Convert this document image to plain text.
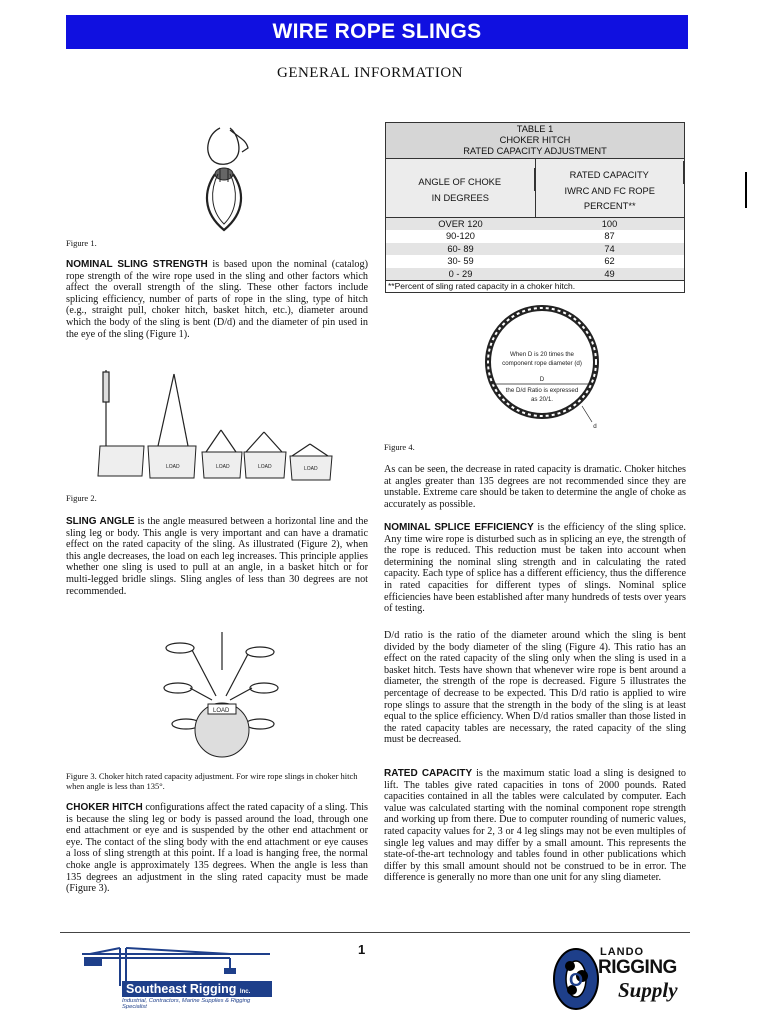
WIRE ROPE SLINGS
GENERAL INFORMATION
Figure 1.
NOMINAL SLING STRENGTH is based upon the nominal (catalog) rope strength of the wire rope used in the sling and other factors which affect the overall strength of the sling. These other factors include splicing efficiency, number of parts of rope in the sling, type of hitch (e.g., straight pull, choker hitch, basket hitch, etc.), diameter around which the body of the sling is bent (D/d) and the diameter of pin used in the eye of the sling (Figure 1).
LOAD	LOAD	LOAD	LOAD
Figure 2.
SLING ANGLE is the angle measured between a horizontal line and the sling leg or body. This angle is very important and can have a dramatic effect on the rated capacity of the sling. As illustrated (Figure 2), when this angle decreases, the load on each leg increases. This principle applies whether one sling is used to pull at an angle, in a basket hitch or for multi-legged bridle slings. Sling angles of less than 30 degrees are not recommended.
LOAD
Figure 3. Choker hitch rated capacity adjustment. For wire rope slings in choker hitch when angle is less than 135°.
CHOKER HITCH configurations affect the rated capacity of a sling. This is because the sling leg or body is passed around the load, through one end attachment or eye and is suspended by the other end attachment or eye. The contact of the sling body with the end attachment or eye causes a loss of sling strength at this point. If a load is hanging free, the normal choke angle is approximately 135 degrees. When the angle is less than 135 degrees an adjustment in the sling rated capacity must be made (Figure 3).
TABLE 1
CHOKER HITCH
RATED CAPACITY ADJUSTMENT
ANGLE OF CHOKE
IN DEGREES
RATED CAPACITY
IWRC AND FC ROPE
PERCENT**
OVER 120	100
90-120	87
60- 89	74
30- 59	62
0 - 29	49
**Percent of sling rated capacity in a choker hitch.
When D is 20 times the
component rope diameter (d)
D
the D/d Ratio is expressed
as 20/1.
d
Figure 4.
As can be seen, the decrease in rated capacity is dramatic. Choker hitches at angles greater than 135 degrees are not recommended since they are unstable. Extreme care should be taken to determine the angle of choke as accurately as possible.
NOMINAL SPLICE EFFICIENCY is the efficiency of the sling splice. Any time wire rope is disturbed such as in splicing an eye, the strength of the rope is reduced. This reduction must be taken into account when determining the nominal sling strength and in calculating the rated capacity. Each type of splice has a different efficiency, thus the difference in rated capacities for different types of slings. Nominal splice efficiencies have been established after many hundreds of tests over years of testing.
D/d ratio is the ratio of the diameter around which the sling is bent divided by the body diameter of the sling (Figure 4). This ratio has an effect on the rated capacity of the sling only when the sling is used in a basket hitch. Tests have shown that whenever wire rope is bent around a diameter, the strength of the rope is decreased. Figure 5 illustrates the percentage of decrease to be expected. This D/d ratio is applied to wire rope slings to assure that the strength in the body of the sling is at least equal to the splice efficiency. When D/d ratios smaller than those listed in the rated capacity tables are necessary, the rated capacity of the sling must be decreased.
RATED CAPACITY is the maximum static load a sling is designed to lift. The tables give rated capacities in tons of 2000 pounds. Rated capacities contained in all the tables were calculated by computer. Each value was calculated starting with the nominal component rope strength and working up from there. Due to computer rounding of numeric values, rated capacity values for 2, 3 or 4 leg slings may not be even multiples of single leg values and may differ by a small amount. This represents the state-of-the-art technology and tables found in other publications which differ by this small amount should not be construed to be in error. The difference is generally no more than one unit for any sling diameter.
1
Southeast Rigging Inc.
Industrial, Contractors, Marine Supplies & Rigging Specialist
O
LANDO
RIGGING
Supply
